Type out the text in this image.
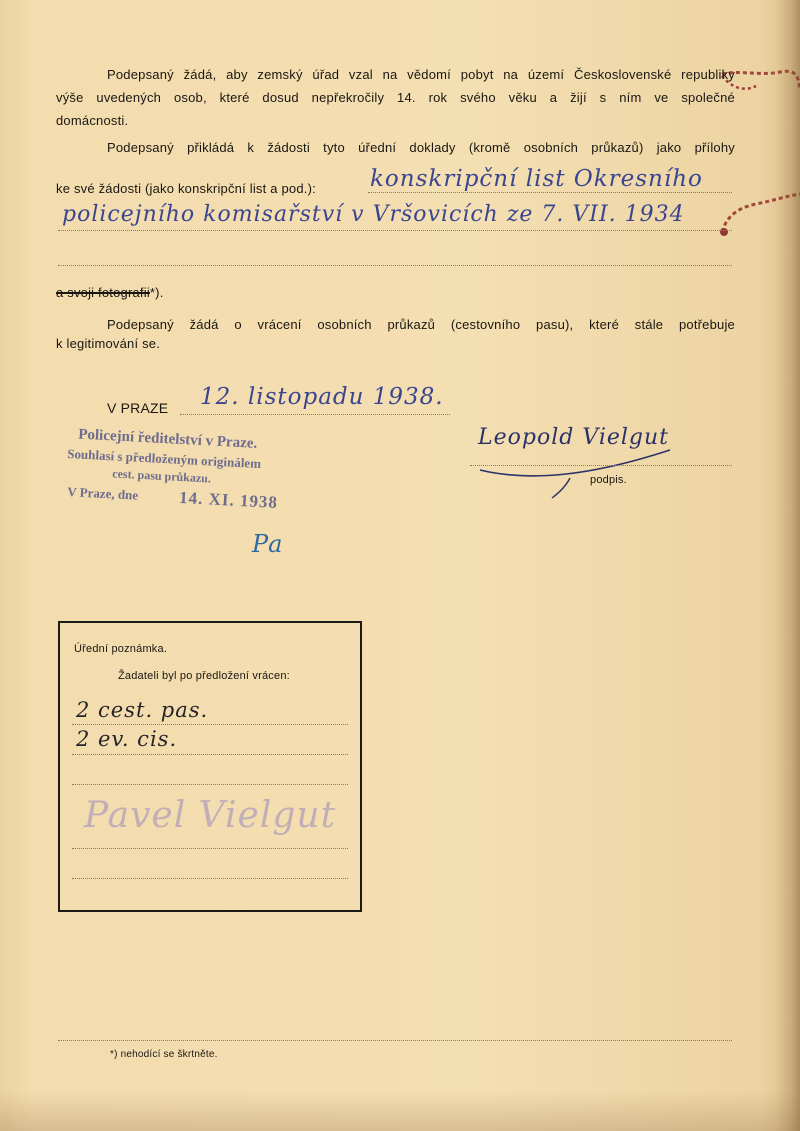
Podepsaný žádá, aby zemský úřad vzal na vědomí pobyt na území Československé republiky
výše uvedených osob, které dosud nepřekročily 14. rok svého věku a žijí s ním ve společné
domácnosti.
Podepsaný přikládá k žádosti tyto úřední doklady (kromě osobních průkazů) jako přílohy
ke své žádosti (jako konskripční list a pod.): konskripční list Okresního
policejního komisařství v Vršovicích ze 7. VII. 1934
a svoji fotografii*).
Podepsaný žádá o vrácení osobních průkazů (cestovního pasu), které stále potřebuje
k legitimování se.
V PRAZE 12. listopadu 1938.
Leopold Vielgut
podpis.
Policejní ředitelství v Praze.
Souhlasí s předloženým originálem
cest. pasu průkazu.
V Praze, dne 14. XI. 1938
Pa
Úřední poznámka.
Žadateli byl po předložení vrácen:
2 cest. pas.
2 ev. cis.
Pavel Vielgut
*) nehodící se škrtněte.
